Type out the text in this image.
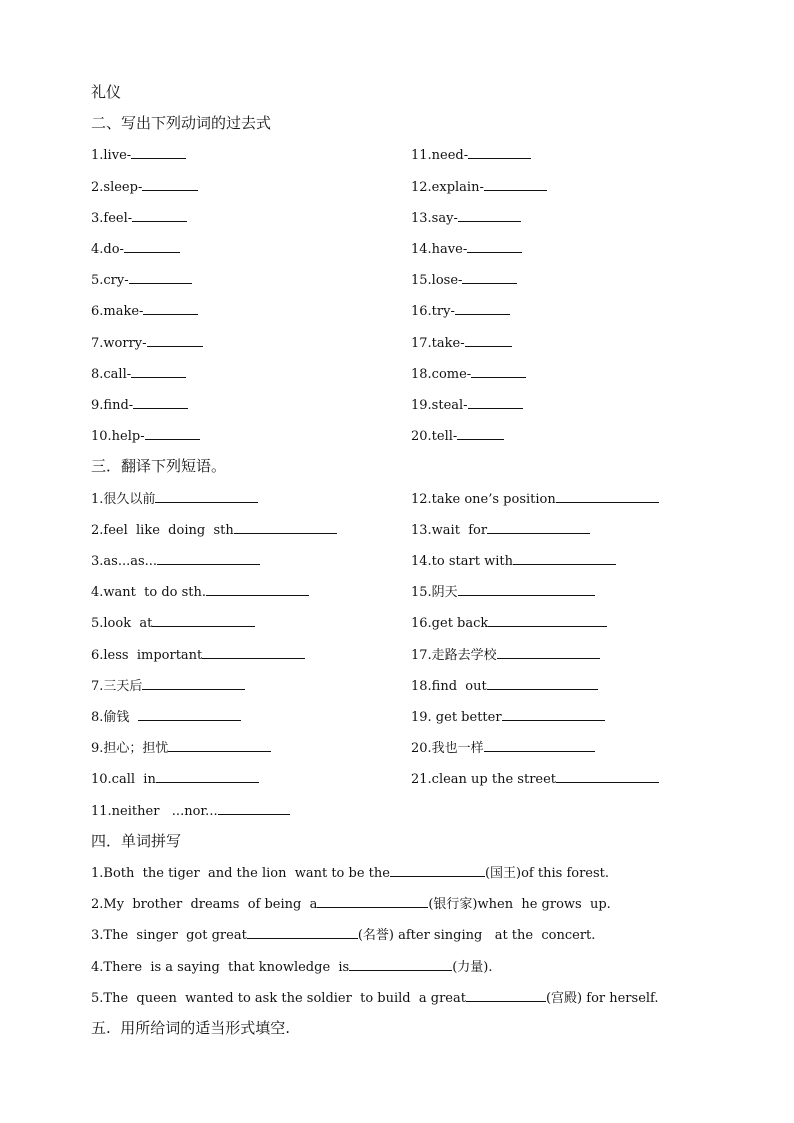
礼仪
二、写出下列动词的过去式
1.live-
2.sleep-
3.feel-
4.do-
5.cry-
6.make-
7.worry-
8.call-
9.find-
10.help-
11.need-
12.explain-
13.say-
14.have-
15.lose-
16.try-
17.take-
18.come-
19.steal-
20.tell-
三．翻译下列短语。
1.很久以前
2.feel  like  doing  sth
3.as...as...
4.want  to do sth.
5.look  at
6.less  important
7.三天后
8.偷钱
9.担心；担忧
10.call  in
11.neither   ...nor...
12.take one’s position
13.wait  for
14.to start with
15.阴天
16.get back
17.走路去学校
18.find  out
19. get better
20.我也一样
21.clean up the street
四．单词拼写
1.Both  the tiger  and the lion  want to be the	(国王)of this forest.
2.My  brother  dreams  of being  a	(银行家)when  he grows  up.
3.The  singer  got great	(名誉) after singing   at the  concert.
4.There  is a saying  that knowledge  is	(力量).
5.The  queen  wanted to ask the soldier  to build  a great	(宫殿) for herself.
五.  用所给词的适当形式填空.
